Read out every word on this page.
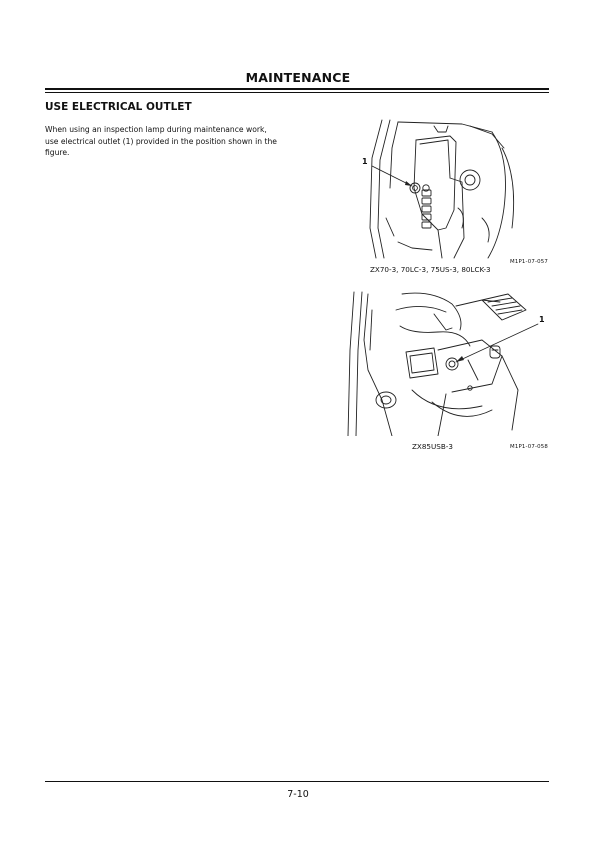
MAINTENANCE
USE ELECTRICAL OUTLET
When using an inspection lamp during maintenance work,
use electrical outlet (1) provided in the position shown in the
figure.
1
ZX70-3, 70LC-3, 75US-3, 80LCK-3
M1P1-07-057
1
ZX85USB-3	M1P1-07-058
7-10
